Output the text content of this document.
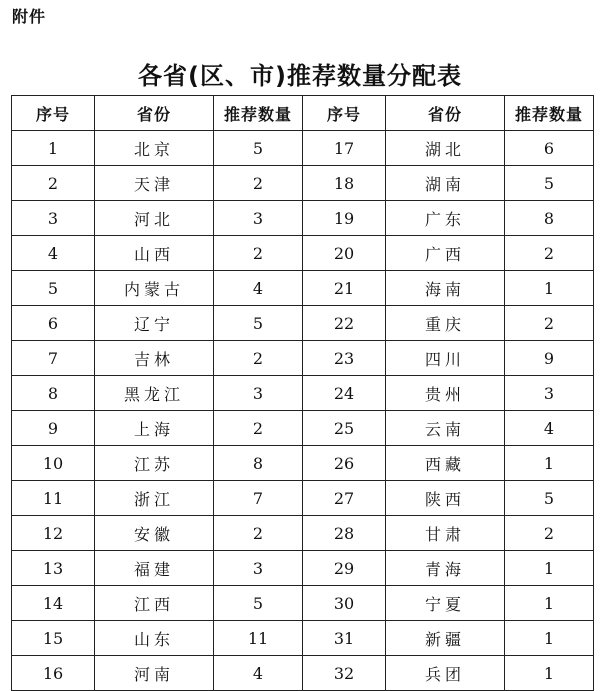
附件
各省(区、市)推荐数量分配表
序号	省份	推荐数量	序号	省份	推荐数量
1	北京	5	17	湖北	6
2	天津	2	18	湖南	5
3	河北	3	19	广东	8
4	山西	2	20	广西	2
5	内蒙古	4	21	海南	1
6	辽宁	5	22	重庆	2
7	吉林	2	23	四川	9
8	黑龙江	3	24	贵州	3
9	上海	2	25	云南	4
10	江苏	8	26	西藏	1
11	浙江	7	27	陕西	5
12	安徽	2	28	甘肃	2
13	福建	3	29	青海	1
14	江西	5	30	宁夏	1
15	山东	11	31	新疆	1
16	河南	4	32	兵团	1
